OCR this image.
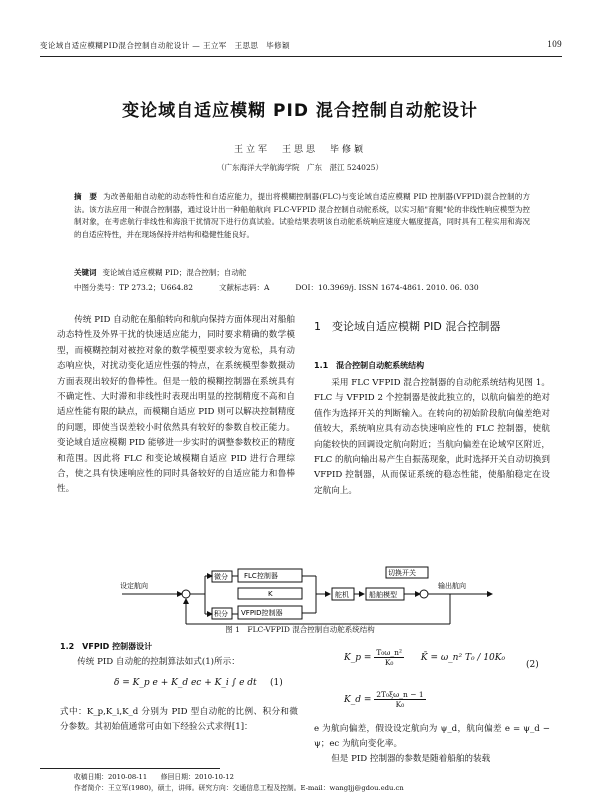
变论域自适应模糊PID混合控制自动舵设计 — 王立军　王思思　毕修颖	109
变论域自适应模糊 PID 混合控制自动舵设计
王立军　王思思　毕修颖
（广东海洋大学航海学院　广东　湛江 524025）
摘　要 为改善船舶自动舵的动态特性和自适应能力，提出将模糊控制器(FLC)与变论域自适应模糊 PID 控制器(VFPID)混合控制的方法。该方法应用一种混合控制器，通过设计出一种船舶航向 FLC-VFPID 混合控制自动舵系统，以实习船"育鲲"轮的非线性响应模型为控制对象，在考虑航行非线性和海浪干扰情况下进行仿真试验。试验结果表明该自动舵系统响应速度大幅度提高，同时具有工程实用和海况的自适应特性，并在现场保持并结构和稳健性能良好。
关键词 变论域自适应模糊 PID；混合控制；自动舵
中图分类号：TP 273.2；U664.82	文献标志码：A	DOI：10.3969/j. ISSN 1674-4861. 2010. 06. 030
传统 PID 自动舵在船舶转向和航向保持方面体现出对船舶动态特性及外界干扰的快速适应能力，同时要求精确的数学模型，而模糊控制对被控对象的数学模型要求较为宽松，具有动态响应快，对扰动变化适应性强的特点，在系统模型参数摄动方面表现出较好的鲁棒性。但是一般的模糊控制器在系统具有不确定性、大时滞和非线性时表现出明显的控制精度不高和自适应性能有限的缺点，而模糊自适应 PID 则可以解决控制精度的问题，即使当误差较小时依然具有较好的参数自校正能力。变论域自适应模糊 PID 能够进一步实时的调整参数校正的精度和范围。因此将 FLC 和变论域模糊自适应 PID 进行合理综合，使之具有快速响应性的同时具备较好的自适应能力和鲁棒性。
1　变论域自适应模糊 PID 混合控制器
1.1　混合控制自动舵系统结构
采用 FLC VFPID 混合控制器的自动舵系统结构见图 1。FLC 与 VFPID 2 个控制器是彼此独立的，以航向偏差的绝对值作为选择开关的判断输入。在转向的初始阶段航向偏差绝对值较大，系统响应具有动态快速响应性的 FLC 控制器，使航向能较快的回调设定航向附近；当航向偏差在论域窄区附近，FLC 的航向输出易产生自振荡现象，此时选择开关自动切换到 VFPID 控制器，从而保证系统的稳态性能，使船舶稳定在设定航向上。
设定航向
微分 FLC控制器
K
积分 VFPID控制器
舵机	船舶模型
切换开关
输出航向
图 1　FLC-VFPID 混合控制自动舵系统结构
1.2　VFPID 控制器设计
传统 PID 自动舵的控制算法如式(1)所示：
δ = K_p e + K_d ec + K_i ∫ e dt (1)
式中：K_p,K_i,K_d 分别为 PID 型自动舵的比例、积分和微分参数。其初始值通常可由如下经验公式求得[1]：
K_p = $\frac{\text{T₀ω\_n²}}{\text{K₀}}$ K̄ = ω_n² T₀ / 10K₀
K_d = $\frac{\text{2T₀ξω\_n − 1}}{\text{K₀}}$
(2)
e 为航向偏差，假设设定航向为 ψ_d，航向偏差 e = ψ_d − ψ；ec 为航向变化率。
但是 PID 控制器的参数是随着船舶的装载
收稿日期：2010-08-11　　修回日期：2010-10-12
作者简介：王立军(1980)，硕士，讲师。研究方向：交通信息工程及控制。E-mail：wangljj@gdou.edu.cn
